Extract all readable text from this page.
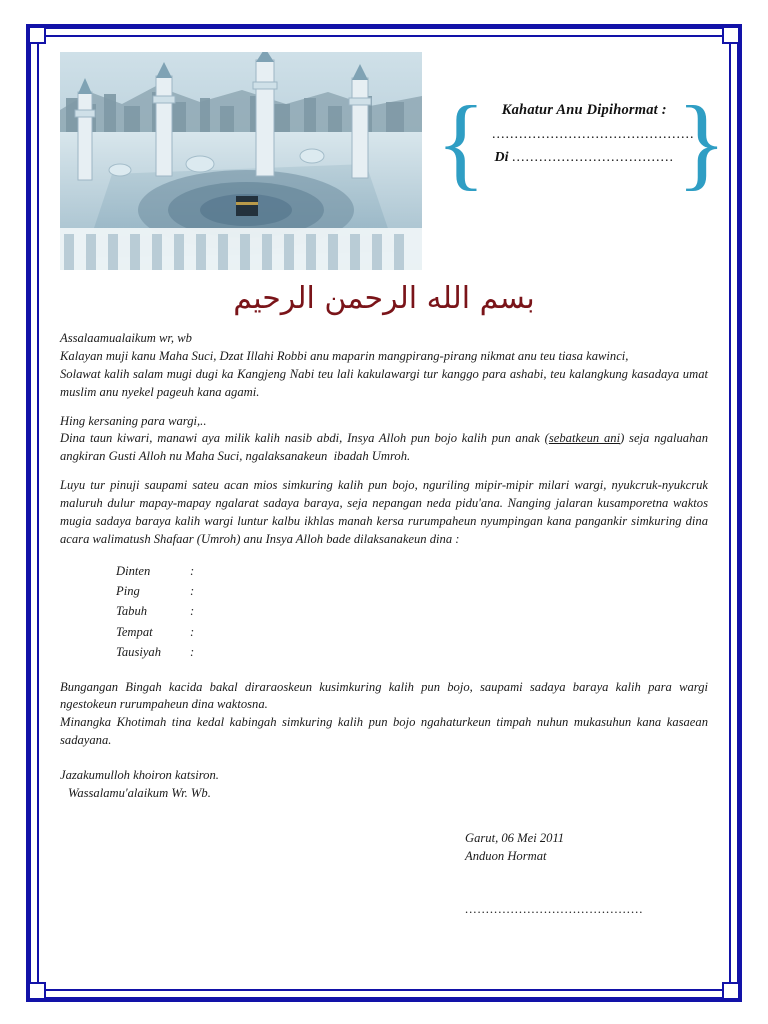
{ }
Kahatur Anu Dipihormat :
.............................................
Di ....................................
بسم الله الرحمن الرحيم

Assalaamualaikum wr, wb

Kalayan muji kanu Maha Suci, Dzat Illahi Robbi anu maparin mangpirang-pirang nikmat anu teu tiasa kawinci,

Solawat kalih salam mugi dugi ka Kangjeng Nabi teu lali kakulawargi tur kanggo para ashabi, teu kalangkung kasadaya umat muslim anu nyekel pageuh kana agami.

Hing kersaning para wargi,..

Dina taun kiwari, manawi aya milik kalih nasib abdi, Insya Alloh pun bojo kalih pun anak (sebatkeun ani) seja ngaluahan angkiran Gusti Alloh nu Maha Suci, ngalaksanakeun  ibadah Umroh.

Luyu tur pinuji saupami sateu acan mios simkuring kalih pun bojo, nguriling mipir-mipir milari wargi, nyukcruk-nyukcruk maluruh dulur mapay-mapay ngalarat sadaya baraya, seja nepangan neda pidu'ana. Nanging jalaran kusamporetna waktos mugia sadaya baraya kalih wargi luntur kalbu ikhlas manah kersa rurumpaheun nyumpingan kana pangankir simkuring dina acara walimatush Shafaar (Umroh) anu Insya Alloh bade dilaksanakeun dina :

Dinten	:
Ping	:
Tabuh	:
Tempat	:
Tausiyah	:

Bungangan Bingah kacida bakal diraraoskeun kusimkuring kalih pun bojo, saupami sadaya baraya kalih para wargi ngestokeun rurumpaheun dina waktosna.

Minangka Khotimah tina kedal kabingah simkuring kalih pun bojo ngahaturkeun timpah nuhun mukasuhun kana kasaean sadayana.

Jazakumulloh khoiron katsiron.
Wassalamu'alaikum Wr. Wb.
Garut, 06 Mei 2011
Anduon Hormat
...........................................
